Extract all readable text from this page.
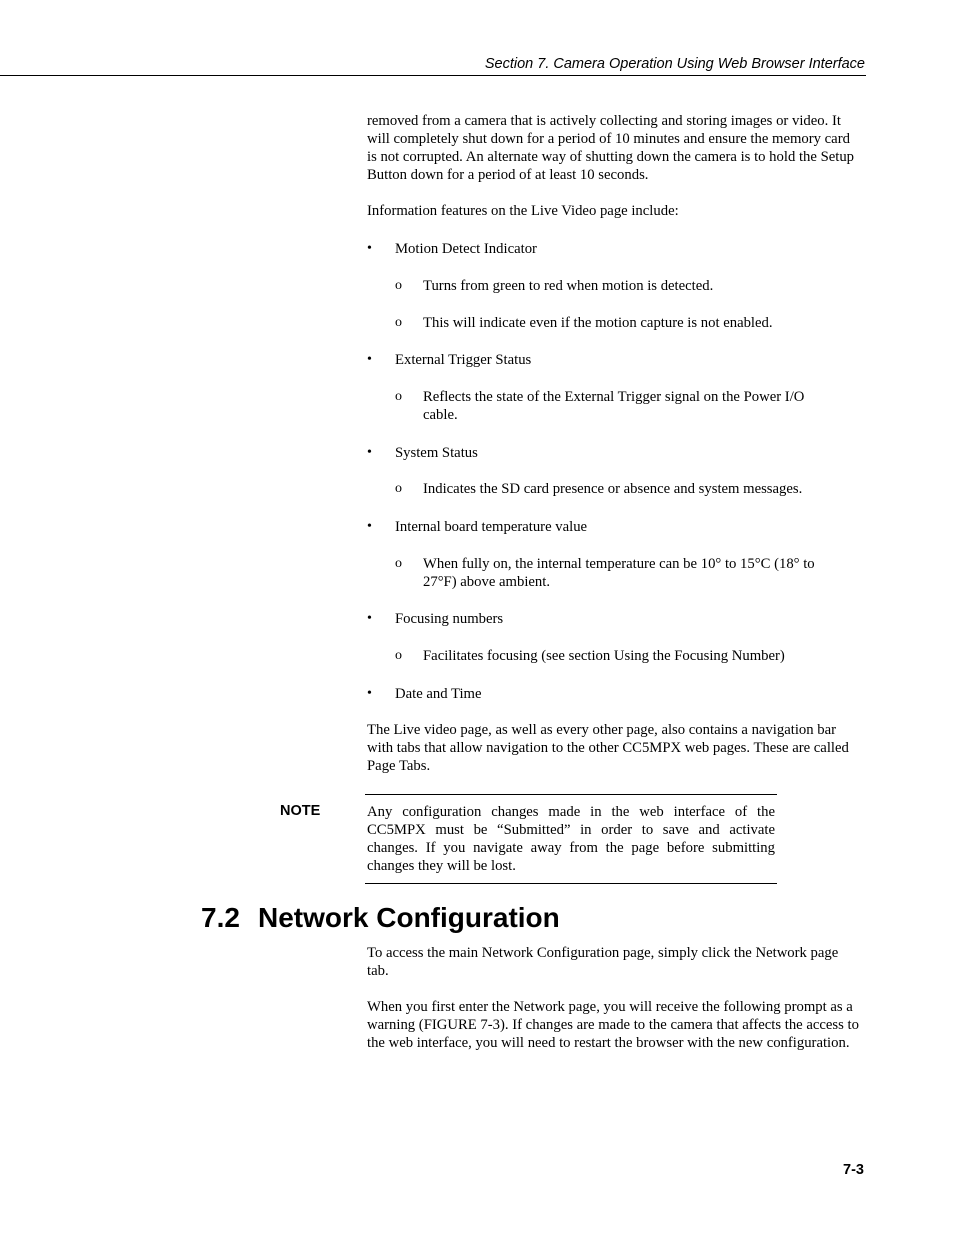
Section 7. Camera Operation Using Web Browser Interface

removed from a camera that is actively collecting and storing images or video. It will completely shut down for a period of 10 minutes and ensure the memory card is not corrupted. An alternate way of shutting down the camera is to hold the Setup Button down for a period of at least 10 seconds.

Information features on the Live Video page include:

•	Motion Detect Indicator
o Turns from green to red when motion is detected.
o This will indicate even if the motion capture is not enabled.
•	External Trigger Status
o Reflects the state of the External Trigger signal on the Power I/O cable.
•	System Status
o Indicates the SD card presence or absence and system messages.
•	Internal board temperature value
o When fully on, the internal temperature can be 10° to 15°C (18° to 27°F) above ambient.
•	Focusing numbers
o Facilitates focusing (see section Using the Focusing Number)
•	Date and Time

The Live video page, as well as every other page, also contains a navigation bar with tabs that allow navigation to the other CC5MPX web pages. These are called Page Tabs.

NOTE	Any configuration changes made in the web interface of the CC5MPX must be “Submitted” in order to save and activate changes. If you navigate away from the page before submitting changes they will be lost.
7.2 Network Configuration

To access the main Network Configuration page, simply click the Network page tab.

When you first enter the Network page, you will receive the following prompt as a warning (FIGURE 7-3). If changes are made to the camera that affects the access to the web interface, you will need to restart the browser with the new configuration.

7-3
